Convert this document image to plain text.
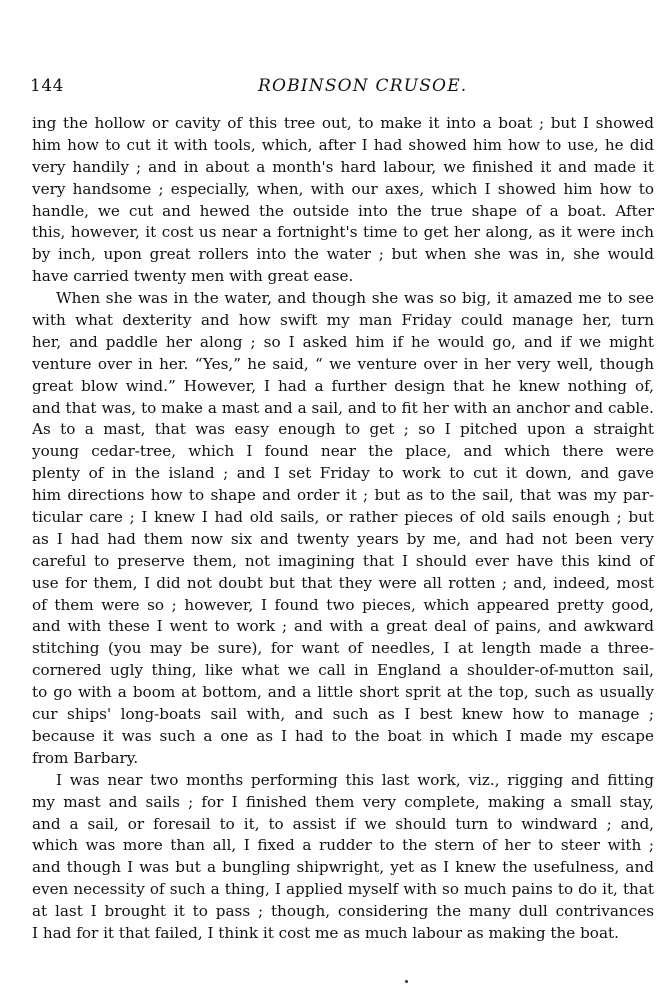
144	ROBINSON CRUSOE.
ing the hollow or cavity of this tree out, to make it into a boat ; but I showed
him how to cut it with tools, which, after I had showed him how to use, he did
very handily ; and in about a month's hard labour, we finished it and made it
very handsome ; especially, when, with our axes, which I showed him how to
handle, we cut and hewed the outside into the true shape of a boat. After
this, however, it cost us near a fortnight's time to get her along, as it were inch
by inch, upon great rollers into the water ; but when she was in, she would
have carried twenty men with great ease.
When she was in the water, and though she was so big, it amazed me to see
with what dexterity and how swift my man Friday could manage her, turn
her, and paddle her along ; so I asked him if he would go, and if we might
venture over in her. “Yes,” he said, “ we venture over in her very well, though
great blow wind.” However, I had a further design that he knew nothing of,
and that was, to make a mast and a sail, and to fit her with an anchor and cable.
As to a mast, that was easy enough to get ; so I pitched upon a straight
young cedar-tree, which I found near the place, and which there were
plenty of in the island ; and I set Friday to work to cut it down, and gave
him directions how to shape and order it ; but as to the sail, that was my par-
ticular care ; I knew I had old sails, or rather pieces of old sails enough ; but
as I had had them now six and twenty years by me, and had not been very
careful to preserve them, not imagining that I should ever have this kind of
use for them, I did not doubt but that they were all rotten ; and, indeed, most
of them were so ; however, I found two pieces, which appeared pretty good,
and with these I went to work ; and with a great deal of pains, and awkward
stitching (you may be sure), for want of needles, I at length made a three-
cornered ugly thing, like what we call in England a shoulder-of-mutton sail,
to go with a boom at bottom, and a little short sprit at the top, such as usually
cur ships' long-boats sail with, and such as I best knew how to manage ;
because it was such a one as I had to the boat in which I made my escape
from Barbary.
I was near two months performing this last work, viz., rigging and fitting
my mast and sails ; for I finished them very complete, making a small stay,
and a sail, or foresail to it, to assist if we should turn to windward ; and,
which was more than all, I fixed a rudder to the stern of her to steer with ;
and though I was but a bungling shipwright, yet as I knew the usefulness, and
even necessity of such a thing, I applied myself with so much pains to do it, that
at last I brought it to pass ; though, considering the many dull contrivances
I had for it that failed, I think it cost me as much labour as making the boat.
